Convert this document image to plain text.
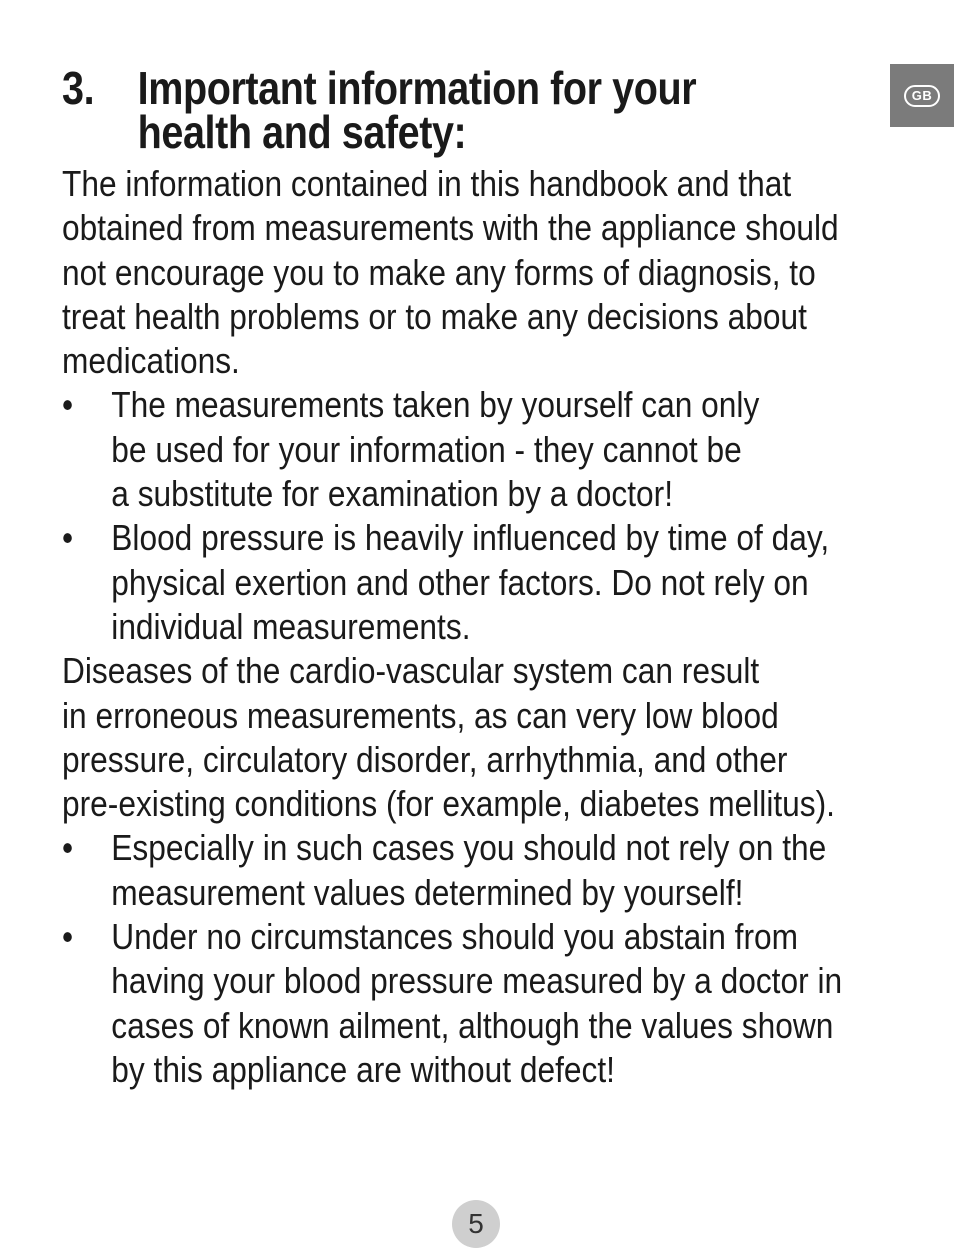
GB
3. Important information for your
health and safety:

The information contained in this handbook and that
obtained from measurements with the appliance should
not encourage you to make any forms of diagnosis, to
treat health problems or to make any decisions about
medications.

• The measurements taken by yourself can only
be used for your information - they cannot be
a substitute for examination by a doctor!
• Blood pressure is heavily influenced by time of day,
physical exertion and other factors. Do not rely on
individual measurements.

Diseases of the cardio-vascular system can result
in erroneous measurements, as can very low blood
pressure, circulatory disorder, arrhythmia, and other
pre-existing conditions (for example, diabetes mellitus).

• Especially in such cases you should not rely on the
measurement values determined by yourself!
• Under no circumstances should you abstain from
having your blood pressure measured by a doctor in
cases of known ailment, although the values shown
by this appliance are without defect!
5
